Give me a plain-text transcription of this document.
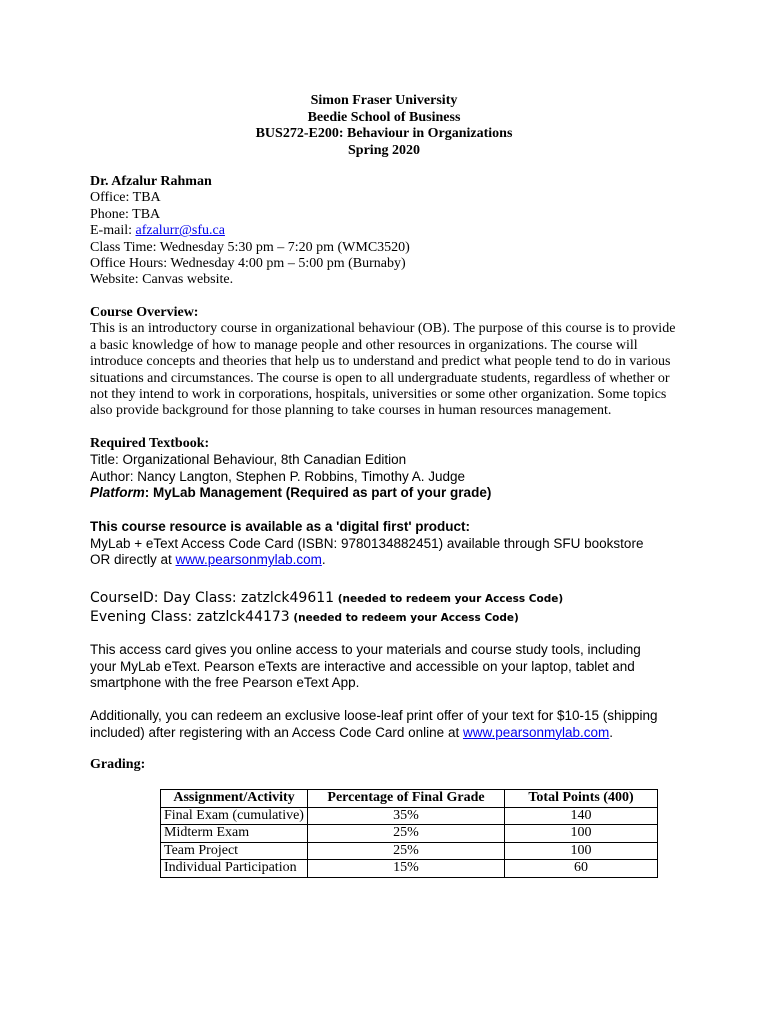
Simon Fraser University
Beedie School of Business
BUS272-E200: Behaviour in Organizations
Spring 2020
Dr. Afzalur Rahman
Office: TBA
Phone: TBA
E-mail: afzalurr@sfu.ca
Class Time: Wednesday 5:30 pm – 7:20 pm (WMC3520)
Office Hours: Wednesday 4:00 pm – 5:00 pm (Burnaby)
Website: Canvas website.
Course Overview:
This is an introductory course in organizational behaviour (OB). The purpose of this course is to provide
a basic knowledge of how to manage people and other resources in organizations. The course will
introduce concepts and theories that help us to understand and predict what people tend to do in various
situations and circumstances. The course is open to all undergraduate students, regardless of whether or
not they intend to work in corporations, hospitals, universities or some other organization. Some topics
also provide background for those planning to take courses in human resources management.
Required Textbook:
Title: Organizational Behaviour, 8th Canadian Edition
Author: Nancy Langton, Stephen P. Robbins, Timothy A. Judge
Platform: MyLab Management (Required as part of your grade)
This course resource is available as a 'digital first' product:
MyLab + eText Access Code Card (ISBN: 9780134882451) available through SFU bookstore
OR directly at www.pearsonmylab.com.
CourseID: Day Class: zatzlck49611 (needed to redeem your Access Code)
Evening Class: zatzlck44173 (needed to redeem your Access Code)
This access card gives you online access to your materials and course study tools, including
your MyLab eText. Pearson eTexts are interactive and accessible on your laptop, tablet and
smartphone with the free Pearson eText App.
Additionally, you can redeem an exclusive loose-leaf print offer of your text for $10-15 (shipping
included) after registering with an Access Code Card online at www.pearsonmylab.com.
Grading:
Assignment/Activity	Percentage of Final Grade	Total Points (400)
Final Exam (cumulative)	35%	140
Midterm Exam	25%	100
Team Project	25%	100
Individual Participation	15%	60
